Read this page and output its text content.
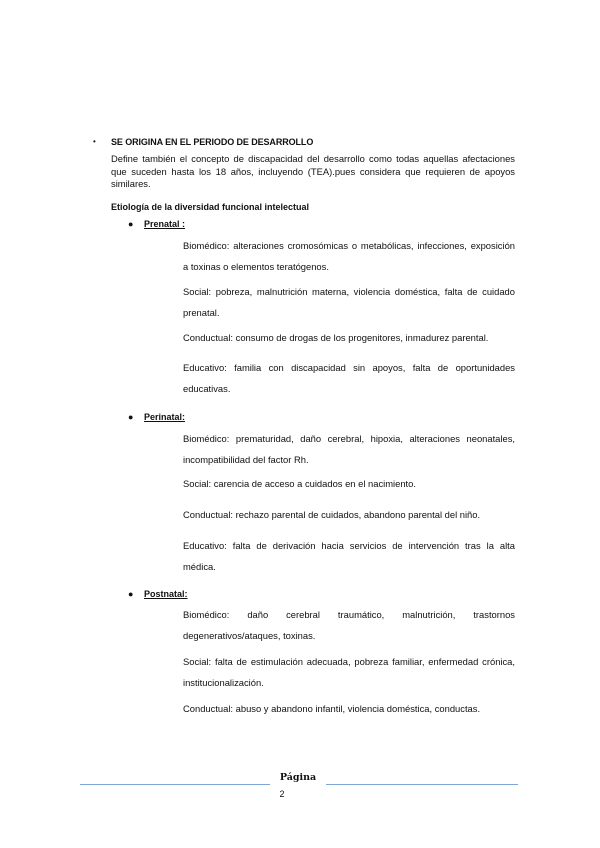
• SE ORIGINA EN EL PERIODO DE DESARROLLO
Define también el concepto de discapacidad del desarrollo como todas aquellas afectaciones que suceden hasta los 18 años, incluyendo (TEA).pues considera que requieren de apoyos similares.
Etiología de la diversidad funcional intelectual
● Prenatal :
Biomédico: alteraciones cromosómicas o metabólicas, infecciones, exposición a toxinas o elementos teratógenos.
Social: pobreza, malnutrición materna, violencia doméstica, falta de cuidado prenatal.
Conductual: consumo de drogas de los progenitores, inmadurez parental.
Educativo: familia con discapacidad sin apoyos, falta de oportunidades educativas.
● Perinatal:
Biomédico: prematuridad, daño cerebral, hipoxia, alteraciones neonatales, incompatibilidad del factor Rh.
Social: carencia de acceso a cuidados en el nacimiento.
Conductual: rechazo parental de cuidados, abandono parental del niño.
Educativo: falta de derivación hacia servicios de intervención tras la alta médica.
● Postnatal:
Biomédico: daño cerebral traumático, malnutrición, trastornos degenerativos/ataques, toxinas.
Social: falta de estimulación adecuada, pobreza familiar, enfermedad crónica, institucionalización.
Conductual: abuso y abandono infantil, violencia doméstica, conductas.
Página
2
